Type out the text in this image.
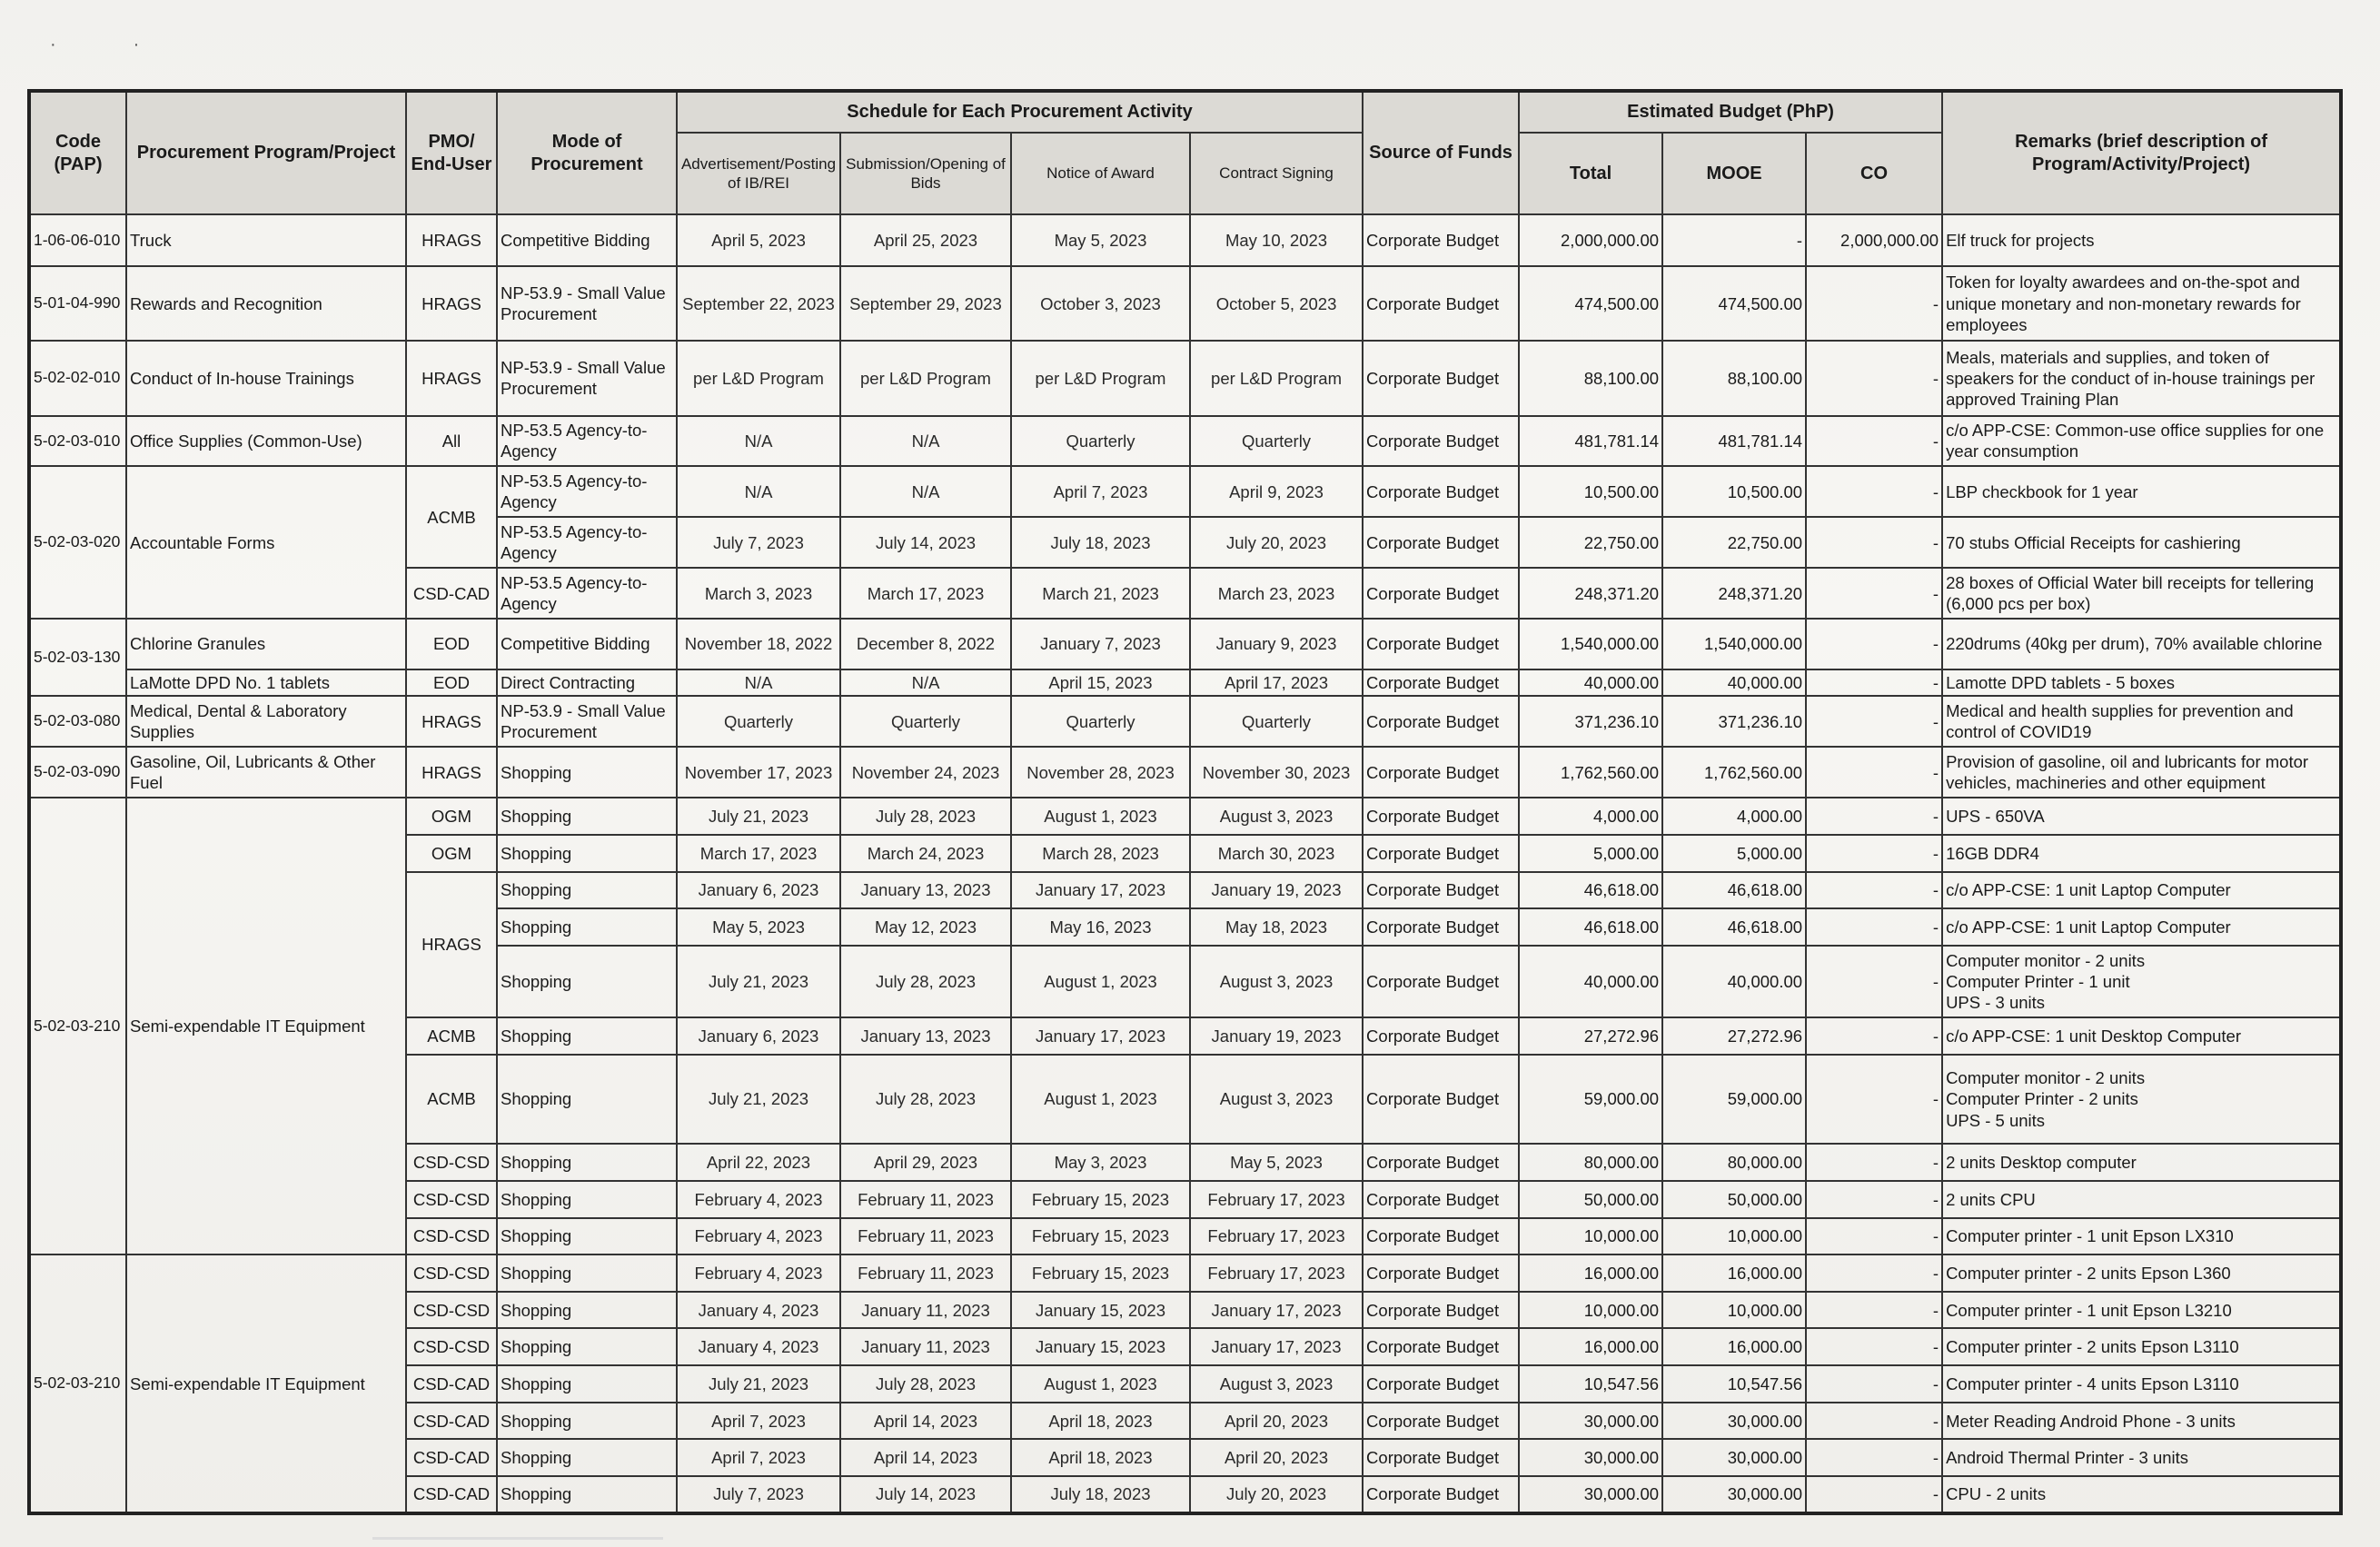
·	·
Code (PAP)	Procurement Program/Project	PMO/ End-User	Mode of Procurement	Schedule for Each Procurement Activity				Source of Funds	Estimated Budget (PhP)			Remarks (brief description of Program/Activity/Project)
				Advertisement/Posting of IB/REI	Submission/Opening of Bids	Notice of Award	Contract Signing		Total	MOOE	CO	
1-06-06-010	Truck	HRAGS	Competitive Bidding	April 5, 2023	April 25, 2023	May 5, 2023	May 10, 2023	Corporate Budget	2,000,000.00	-	2,000,000.00	Elf truck for projects

5-01-04-990	Rewards and Recognition	HRAGS	NP-53.9 - Small Value Procurement	September 22, 2023	September 29, 2023	October 3, 2023	October 5, 2023	Corporate Budget	474,500.00	474,500.00	-	Token for loyalty awardees and on-the-spot and unique monetary and non-monetary rewards for employees

5-02-02-010	Conduct of In-house Trainings	HRAGS	NP-53.9 - Small Value Procurement	per L&D Program	per L&D Program	per L&D Program	per L&D Program	Corporate Budget	88,100.00	88,100.00	-	Meals, materials and supplies, and token of speakers for the conduct of in-house trainings per approved Training Plan

5-02-03-010	Office Supplies (Common-Use)	All	NP-53.5 Agency-to-Agency	N/A	N/A	Quarterly	Quarterly	Corporate Budget	481,781.14	481,781.14	-	c/o APP-CSE: Common-use office supplies for one year consumption

5-02-03-020	Accountable Forms	ACMB	NP-53.5 Agency-to-Agency	N/A	N/A	April 7, 2023	April 9, 2023	Corporate Budget	10,500.00	10,500.00	-	LBP checkbook for 1 year

			NP-53.5 Agency-to-Agency	July 7, 2023	July 14, 2023	July 18, 2023	July 20, 2023	Corporate Budget	22,750.00	22,750.00	-	70 stubs Official Receipts for cashiering

		CSD-CAD	NP-53.5 Agency-to-Agency	March 3, 2023	March 17, 2023	March 21, 2023	March 23, 2023	Corporate Budget	248,371.20	248,371.20	-	28 boxes of Official Water bill receipts for tellering (6,000 pcs per box)

5-02-03-130	Chlorine Granules	EOD	Competitive Bidding	November 18, 2022	December 8, 2022	January 7, 2023	January 9, 2023	Corporate Budget	1,540,000.00	1,540,000.00	-	220drums (40kg per drum), 70% available chlorine

	LaMotte DPD No. 1 tablets	EOD	Direct Contracting	N/A	N/A	April 15, 2023	April 17, 2023	Corporate Budget	40,000.00	40,000.00	-	Lamotte DPD tablets - 5 boxes

5-02-03-080	Medical, Dental & Laboratory Supplies	HRAGS	NP-53.9 - Small Value Procurement	Quarterly	Quarterly	Quarterly	Quarterly	Corporate Budget	371,236.10	371,236.10	-	Medical and health supplies for prevention and control of COVID19

5-02-03-090	Gasoline, Oil, Lubricants & Other Fuel	HRAGS	Shopping	November 17, 2023	November 24, 2023	November 28, 2023	November 30, 2023	Corporate Budget	1,762,560.00	1,762,560.00	-	Provision of gasoline, oil and lubricants for motor vehicles, machineries and other equipment

5-02-03-210	Semi-expendable IT Equipment	OGM	Shopping	July 21, 2023	July 28, 2023	August 1, 2023	August 3, 2023	Corporate Budget	4,000.00	4,000.00	-	UPS - 650VA

		OGM	Shopping	March 17, 2023	March 24, 2023	March 28, 2023	March 30, 2023	Corporate Budget	5,000.00	5,000.00	-	16GB DDR4

		HRAGS	Shopping	January 6, 2023	January 13, 2023	January 17, 2023	January 19, 2023	Corporate Budget	46,618.00	46,618.00	-	c/o APP-CSE: 1 unit Laptop Computer

			Shopping	May 5, 2023	May 12, 2023	May 16, 2023	May 18, 2023	Corporate Budget	46,618.00	46,618.00	-	c/o APP-CSE: 1 unit Laptop Computer

			Shopping	July 21, 2023	July 28, 2023	August 1, 2023	August 3, 2023	Corporate Budget	40,000.00	40,000.00	-	Computer monitor - 2 units
Computer Printer - 1 unit
UPS - 3 units

		ACMB	Shopping	January 6, 2023	January 13, 2023	January 17, 2023	January 19, 2023	Corporate Budget	27,272.96	27,272.96	-	c/o APP-CSE: 1 unit Desktop Computer

		ACMB	Shopping	July 21, 2023	July 28, 2023	August 1, 2023	August 3, 2023	Corporate Budget	59,000.00	59,000.00	-	Computer monitor - 2 units
Computer Printer - 2 units
UPS - 5 units

		CSD-CSD	Shopping	April 22, 2023	April 29, 2023	May 3, 2023	May 5, 2023	Corporate Budget	80,000.00	80,000.00	-	2 units Desktop computer

		CSD-CSD	Shopping	February 4, 2023	February 11, 2023	February 15, 2023	February 17, 2023	Corporate Budget	50,000.00	50,000.00	-	2 units CPU

		CSD-CSD	Shopping	February 4, 2023	February 11, 2023	February 15, 2023	February 17, 2023	Corporate Budget	10,000.00	10,000.00	-	Computer printer - 1 unit Epson LX310

5-02-03-210	Semi-expendable IT Equipment	CSD-CSD	Shopping	February 4, 2023	February 11, 2023	February 15, 2023	February 17, 2023	Corporate Budget	16,000.00	16,000.00	-	Computer printer - 2 units Epson L360

		CSD-CSD	Shopping	January 4, 2023	January 11, 2023	January 15, 2023	January 17, 2023	Corporate Budget	10,000.00	10,000.00	-	Computer printer - 1 unit Epson L3210

		CSD-CSD	Shopping	January 4, 2023	January 11, 2023	January 15, 2023	January 17, 2023	Corporate Budget	16,000.00	16,000.00	-	Computer printer - 2 units Epson L3110

		CSD-CAD	Shopping	July 21, 2023	July 28, 2023	August 1, 2023	August 3, 2023	Corporate Budget	10,547.56	10,547.56	-	Computer printer - 4 units Epson L3110

		CSD-CAD	Shopping	April 7, 2023	April 14, 2023	April 18, 2023	April 20, 2023	Corporate Budget	30,000.00	30,000.00	-	Meter Reading Android Phone - 3 units

		CSD-CAD	Shopping	April 7, 2023	April 14, 2023	April 18, 2023	April 20, 2023	Corporate Budget	30,000.00	30,000.00	-	Android Thermal Printer - 3 units

		CSD-CAD	Shopping	July 7, 2023	July 14, 2023	July 18, 2023	July 20, 2023	Corporate Budget	30,000.00	30,000.00	-	CPU - 2 units
